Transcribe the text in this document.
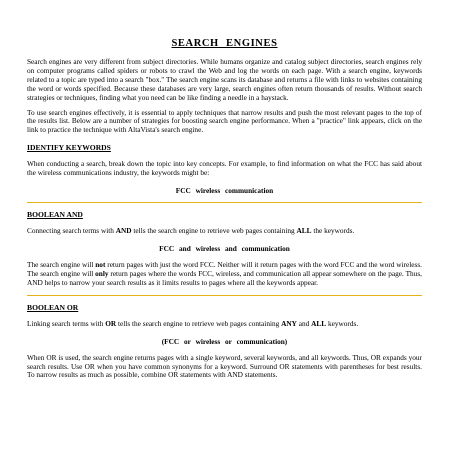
SEARCH ENGINES

Search engines are very different from subject directories. While humans organize and catalog subject directories, search engines rely on computer programs called spiders or robots to crawl the Web and log the words on each page. With a search engine, keywords related to a topic are typed into a search "box." The search engine scans its database and returns a file with links to websites containing the word or words specified. Because these databases are very large, search engines often return thousands of results. Without search strategies or techniques, finding what you need can be like finding a needle in a haystack.

To use search engines effectively, it is essential to apply techniques that narrow results and push the most relevant pages to the top of the results list. Below are a number of strategies for boosting search engine performance. When a "practice" link appears, click on the link to practice the technique with AltaVista's search engine.

IDENTIFY KEYWORDS

When conducting a search, break down the topic into key concepts. For example, to find information on what the FCC has said about the wireless communications industry, the keywords might be:

FCC wireless communication
BOOLEAN AND

Connecting search terms with AND tells the search engine to retrieve web pages containing ALL the keywords.

FCC and wireless and communication

The search engine will not return pages with just the word FCC. Neither will it return pages with the word FCC and the word wireless. The search engine will only return pages where the words FCC, wireless, and communication all appear somewhere on the page. Thus, AND helps to narrow your search results as it limits results to pages where all the keywords appear.

BOOLEAN OR

Linking search terms with OR tells the search engine to retrieve web pages containing ANY and ALL keywords.

(FCC or wireless or communication)

When OR is used, the search engine returns pages with a single keyword, several keywords, and all keywords. Thus, OR expands your search results. Use OR when you have common synonyms for a keyword. Surround OR statements with parentheses for best results. To narrow results as much as possible, combine OR statements with AND statements.
